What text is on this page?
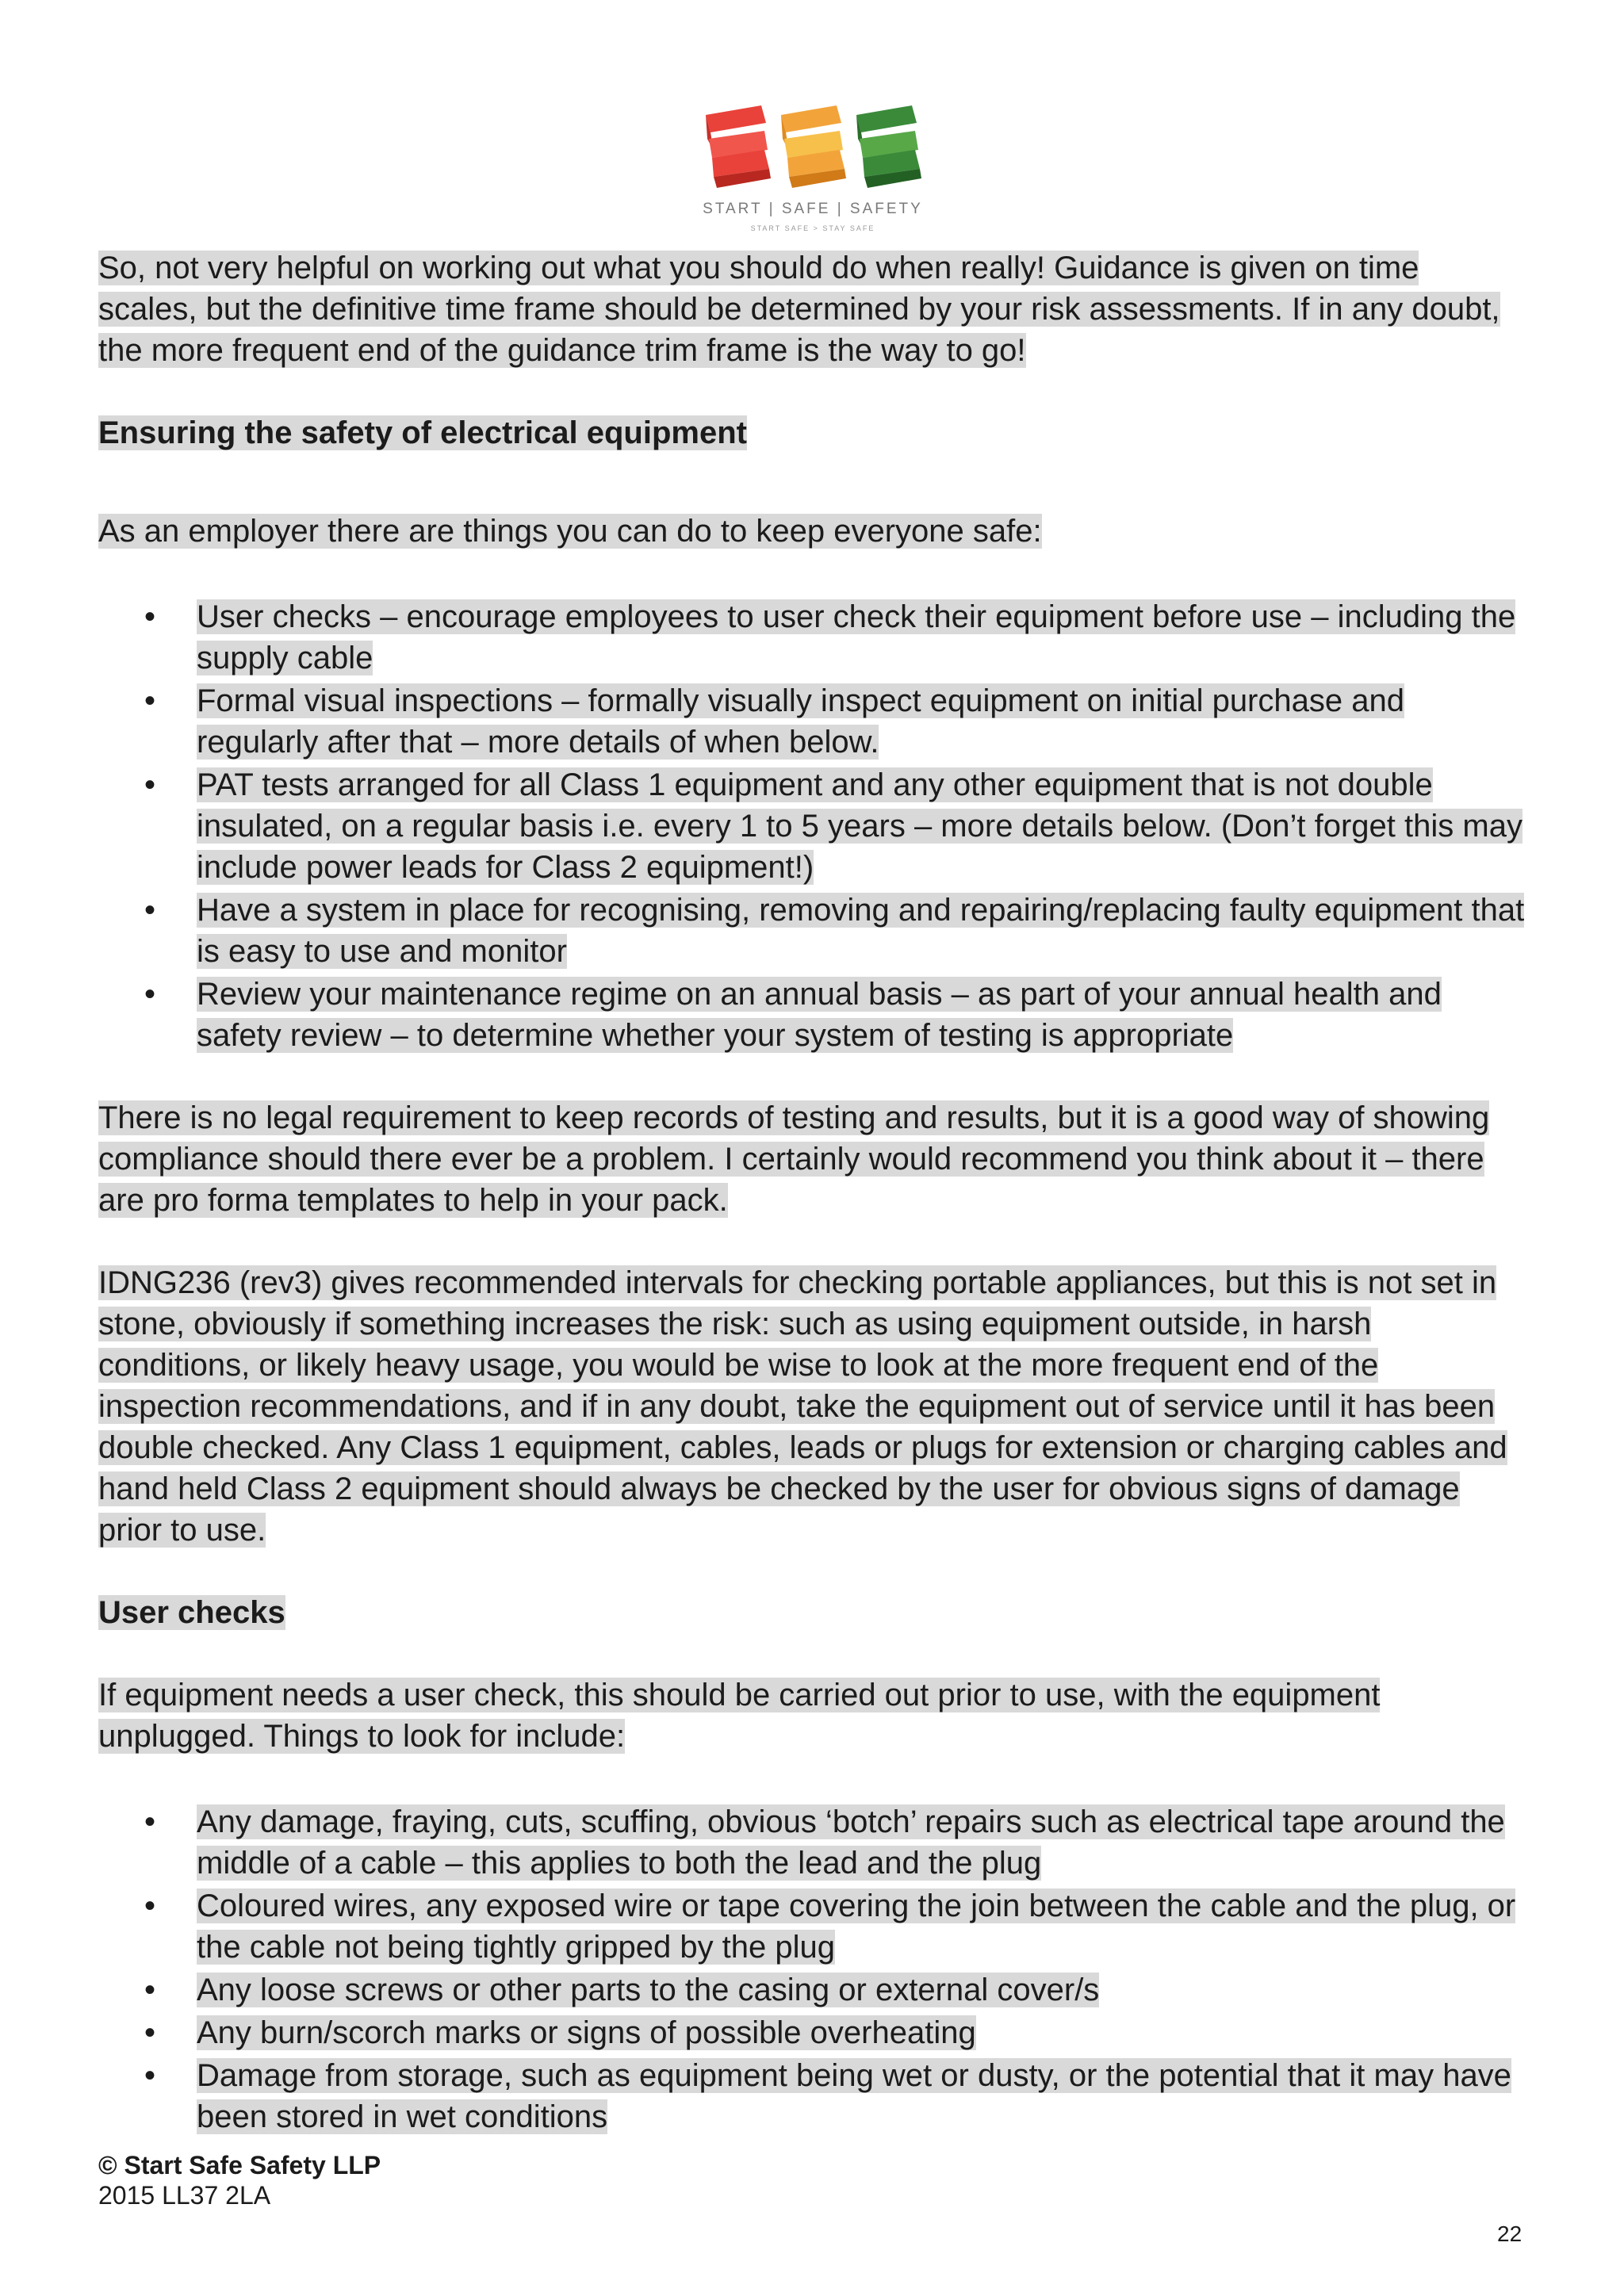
START | SAFE | SAFETY
START SAFE > STAY SAFE

So, not very helpful on working out what you should do when really! Guidance is given on time scales, but the definitive time frame should be determined by your risk assessments. If in any doubt, the more frequent end of the guidance trim frame is the way to go!

Ensuring the safety of electrical equipment

As an employer there are things you can do to keep everyone safe:

• User checks – encourage employees to user check their equipment before use – including the supply cable
• Formal visual inspections – formally visually inspect equipment on initial purchase and regularly after that – more details of when below.
• PAT tests arranged for all Class 1 equipment and any other equipment that is not double insulated, on a regular basis i.e. every 1 to 5 years – more details below. (Don’t forget this may include power leads for Class 2 equipment!)
• Have a system in place for recognising, removing and repairing/replacing faulty equipment that is easy to use and monitor
• Review your maintenance regime on an annual basis – as part of your annual health and safety review – to determine whether your system of testing is appropriate

There is no legal requirement to keep records of testing and results, but it is a good way of showing compliance should there ever be a problem. I certainly would recommend you think about it – there are pro forma templates to help in your pack.

IDNG236 (rev3) gives recommended intervals for checking portable appliances, but this is not set in stone, obviously if something increases the risk: such as using equipment outside, in harsh conditions, or likely heavy usage, you would be wise to look at the more frequent end of the inspection recommendations, and if in any doubt, take the equipment out of service until it has been double checked. Any Class 1 equipment, cables, leads or plugs for extension or charging cables and hand held Class 2 equipment should always be checked by the user for obvious signs of damage prior to use.

User checks

If equipment needs a user check, this should be carried out prior to use, with the equipment unplugged. Things to look for include:

• Any damage, fraying, cuts, scuffing, obvious ‘botch’ repairs such as electrical tape around the middle of a cable – this applies to both the lead and the plug
• Coloured wires, any exposed wire or tape covering the join between the cable and the plug, or the cable not being tightly gripped by the plug
• Any loose screws or other parts to the casing or external cover/s
• Any burn/scorch marks or signs of possible overheating
• Damage from storage, such as equipment being wet or dusty, or the potential that it may have been stored in wet conditions
© Start Safe Safety LLP
2015 LL37 2LA
22
